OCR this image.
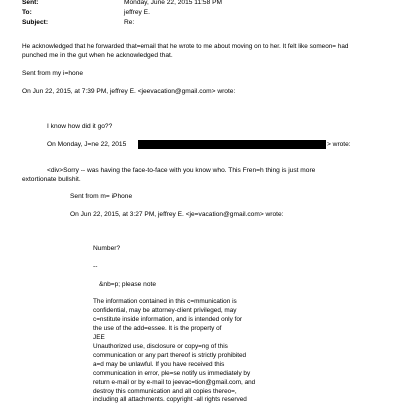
Sent:	Monday, June 22, 2015 11:58 PM
To:	jeffrey E.
Subject:	Re:
He acknowledged that he forwarded that=email that he wrote to me about moving on to her. It felt like someon= had
punched me in the gut when he acknowledged that.
Sent from my i=hone
On Jun 22, 2015, at 7:39 PM, jeffrey E. <jeevacation@gmail.com> wrote:
I know how did it go??
On Monday, J=ne 22, 2015	> wrote:
<div>Sorry -- was having the face-to-face with you know who. This Fren=h thing is just more
extortionate bullshit.
Sent from m= iPhone
On Jun 22, 2015, at 3:27 PM, jeffrey E. <je=vacation@gmail.com> wrote:
Number?
--
&nb=p; please note
The information contained in this c=mmunication is
confidential, may be attorney-client privileged, may
c=nstitute inside information, and is intended only for
the use of the add=essee. It is the property of
JEE
Unauthorized use, disclosure or copy=ng of this
communication or any part thereof is strictly prohibited
a=d may be unlawful. If you have received this
communication in error, ple=se notify us immediately by
return e-mail or by e-mail to jeevac=tion@gmail.com, and
destroy this communication and all copies thereo=,
including all attachments. copyright -all rights reserved
